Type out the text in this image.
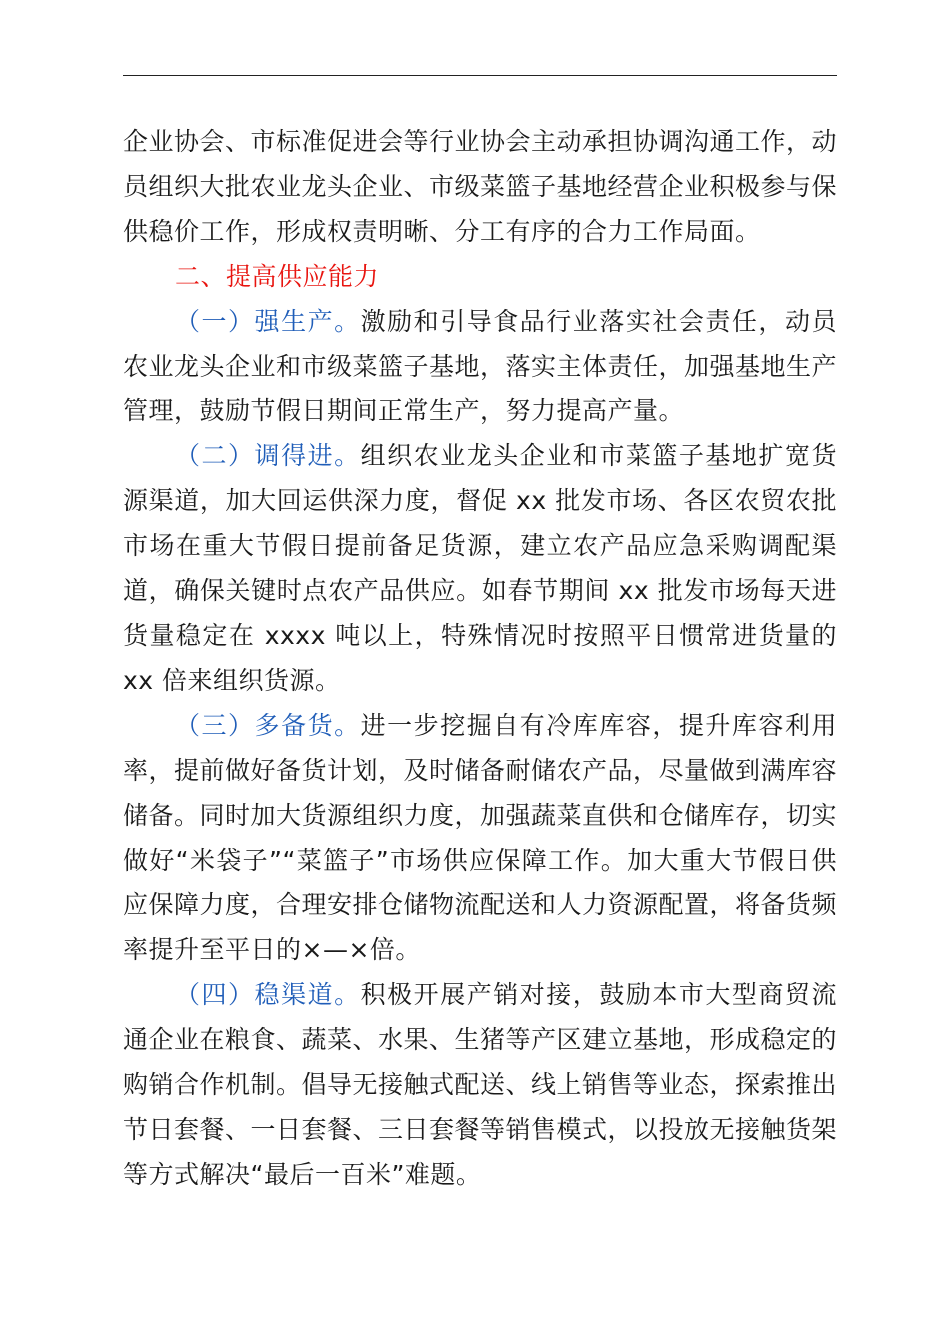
企业协会、市标准促进会等行业协会主动承担协调沟通工作，动员组织大批农业龙头企业、市级菜篮子基地经营企业积极参与保供稳价工作，形成权责明晰、分工有序的合力工作局面。

二、提高供应能力

（一）强生产。激励和引导食品行业落实社会责任，动员农业龙头企业和市级菜篮子基地，落实主体责任，加强基地生产管理，鼓励节假日期间正常生产，努力提高产量。

（二）调得进。组织农业龙头企业和市菜篮子基地扩宽货源渠道，加大回运供深力度，督促 xx 批发市场、各区农贸农批市场在重大节假日提前备足货源，建立农产品应急采购调配渠道，确保关键时点农产品供应。如春节期间 xx 批发市场每天进货量稳定在 xxxx 吨以上，特殊情况时按照平日惯常进货量的 xx 倍来组织货源。

（三）多备货。进一步挖掘自有冷库库容，提升库容利用率，提前做好备货计划，及时储备耐储农产品，尽量做到满库容储备。同时加大货源组织力度，加强蔬菜直供和仓储库存，切实做好“米袋子”“菜篮子”市场供应保障工作。加大重大节假日供应保障力度，合理安排仓储物流配送和人力资源配置，将备货频率提升至平日的×—×倍。

（四）稳渠道。积极开展产销对接，鼓励本市大型商贸流通企业在粮食、蔬菜、水果、生猪等产区建立基地，形成稳定的购销合作机制。倡导无接触式配送、线上销售等业态，探索推出节日套餐、一日套餐、三日套餐等销售模式，以投放无接触货架等方式解决“最后一百米”难题。
